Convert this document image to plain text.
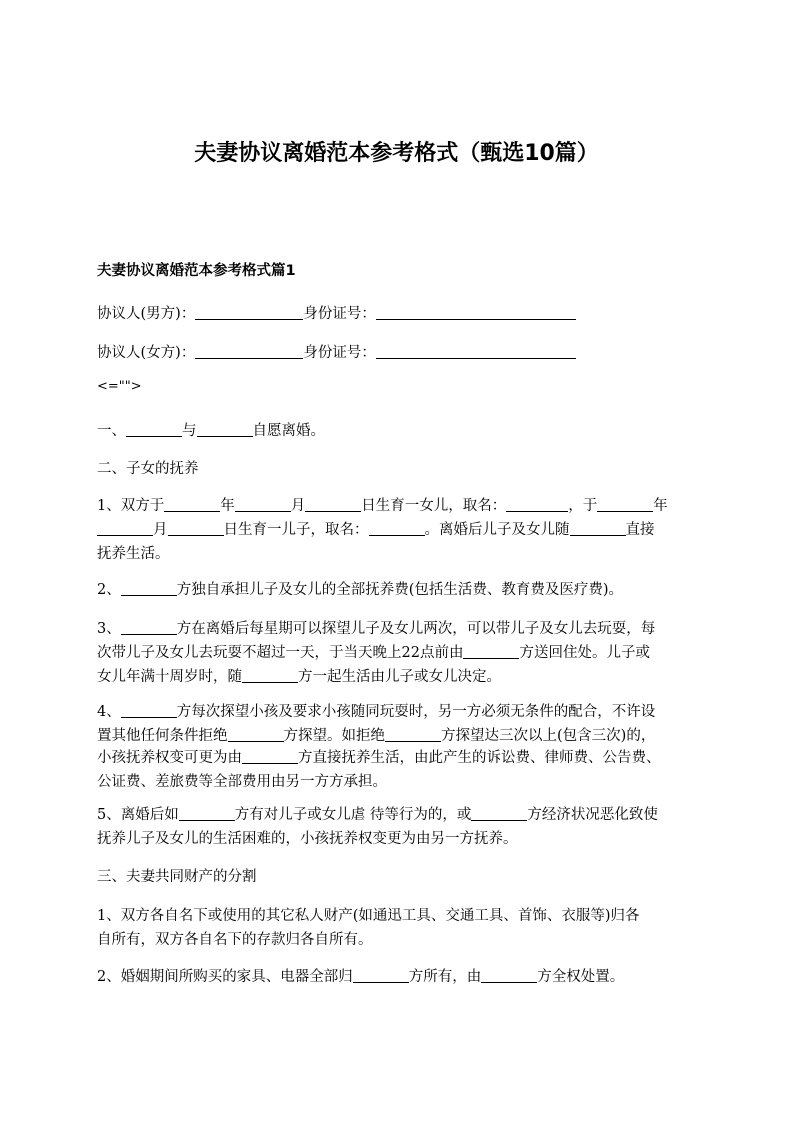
夫妻协议离婚范本参考格式（甄选10篇）
夫妻协议离婚范本参考格式篇1
协议人(男方)：	身份证号：
协议人(女方)：	身份证号：
<="">
一、	与	自愿离婚。
二、子女的抚养
1、双方于	年	月	日生育一女儿，取名：	，于	年
月	日生育一儿子，取名：	。离婚后儿子及女儿随	直接
抚养生活。
2、	方独自承担儿子及女儿的全部抚养费(包括生活费、教育费及医疗费)。
3、	方在离婚后每星期可以探望儿子及女儿两次，可以带儿子及女儿去玩耍，每
次带儿子及女儿去玩耍不超过一天，于当天晚上22点前由	方送回住处。儿子或
女儿年满十周岁时，随	方一起生活由儿子或女儿决定。
4、	方每次探望小孩及要求小孩随同玩耍时，另一方必须无条件的配合，不许设
置其他任何条件拒绝	方探望。如拒绝	方探望达三次以上(包含三次)的，
小孩抚养权变可更为由	方直接抚养生活，由此产生的诉讼费、律师费、公告费、
公证费、差旅费等全部费用由另一方方承担。
5、离婚后如	方有对儿子或女儿虐 待等行为的，或	方经济状况恶化致使
抚养儿子及女儿的生活困难的，小孩抚养权变更为由另一方抚养。
三、夫妻共同财产的分割
1、双方各自名下或使用的其它私人财产(如通迅工具、交通工具、首饰、衣服等)归各
自所有，双方各自名下的存款归各自所有。
2、婚姻期间所购买的家具、电器全部归	方所有，由	方全权处置。
